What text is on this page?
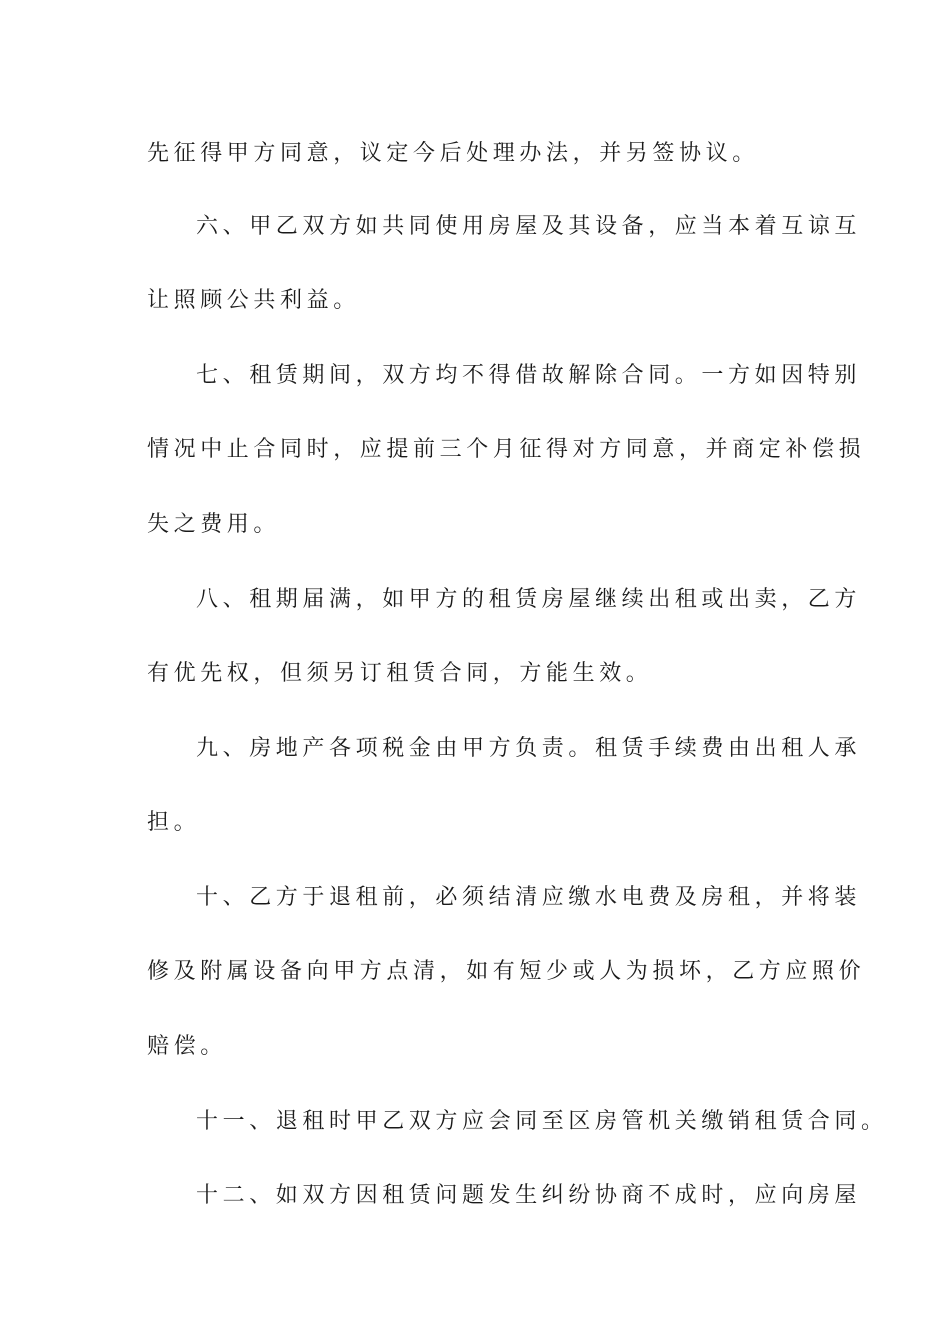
先征得甲方同意，议定今后处理办法，并另签协议。
六、甲乙双方如共同使用房屋及其设备，应当本着互谅互
让照顾公共利益。
七、租赁期间，双方均不得借故解除合同。一方如因特别
情况中止合同时，应提前三个月征得对方同意，并商定补偿损
失之费用。
八、租期届满，如甲方的租赁房屋继续出租或出卖，乙方
有优先权，但须另订租赁合同，方能生效。
九、房地产各项税金由甲方负责。租赁手续费由出租人承
担。
十、乙方于退租前，必须结清应缴水电费及房租，并将装
修及附属设备向甲方点清，如有短少或人为损坏，乙方应照价
赔偿。
十一、退租时甲乙双方应会同至区房管机关缴销租赁合同。
十二、如双方因租赁问题发生纠纷协商不成时，应向房屋
